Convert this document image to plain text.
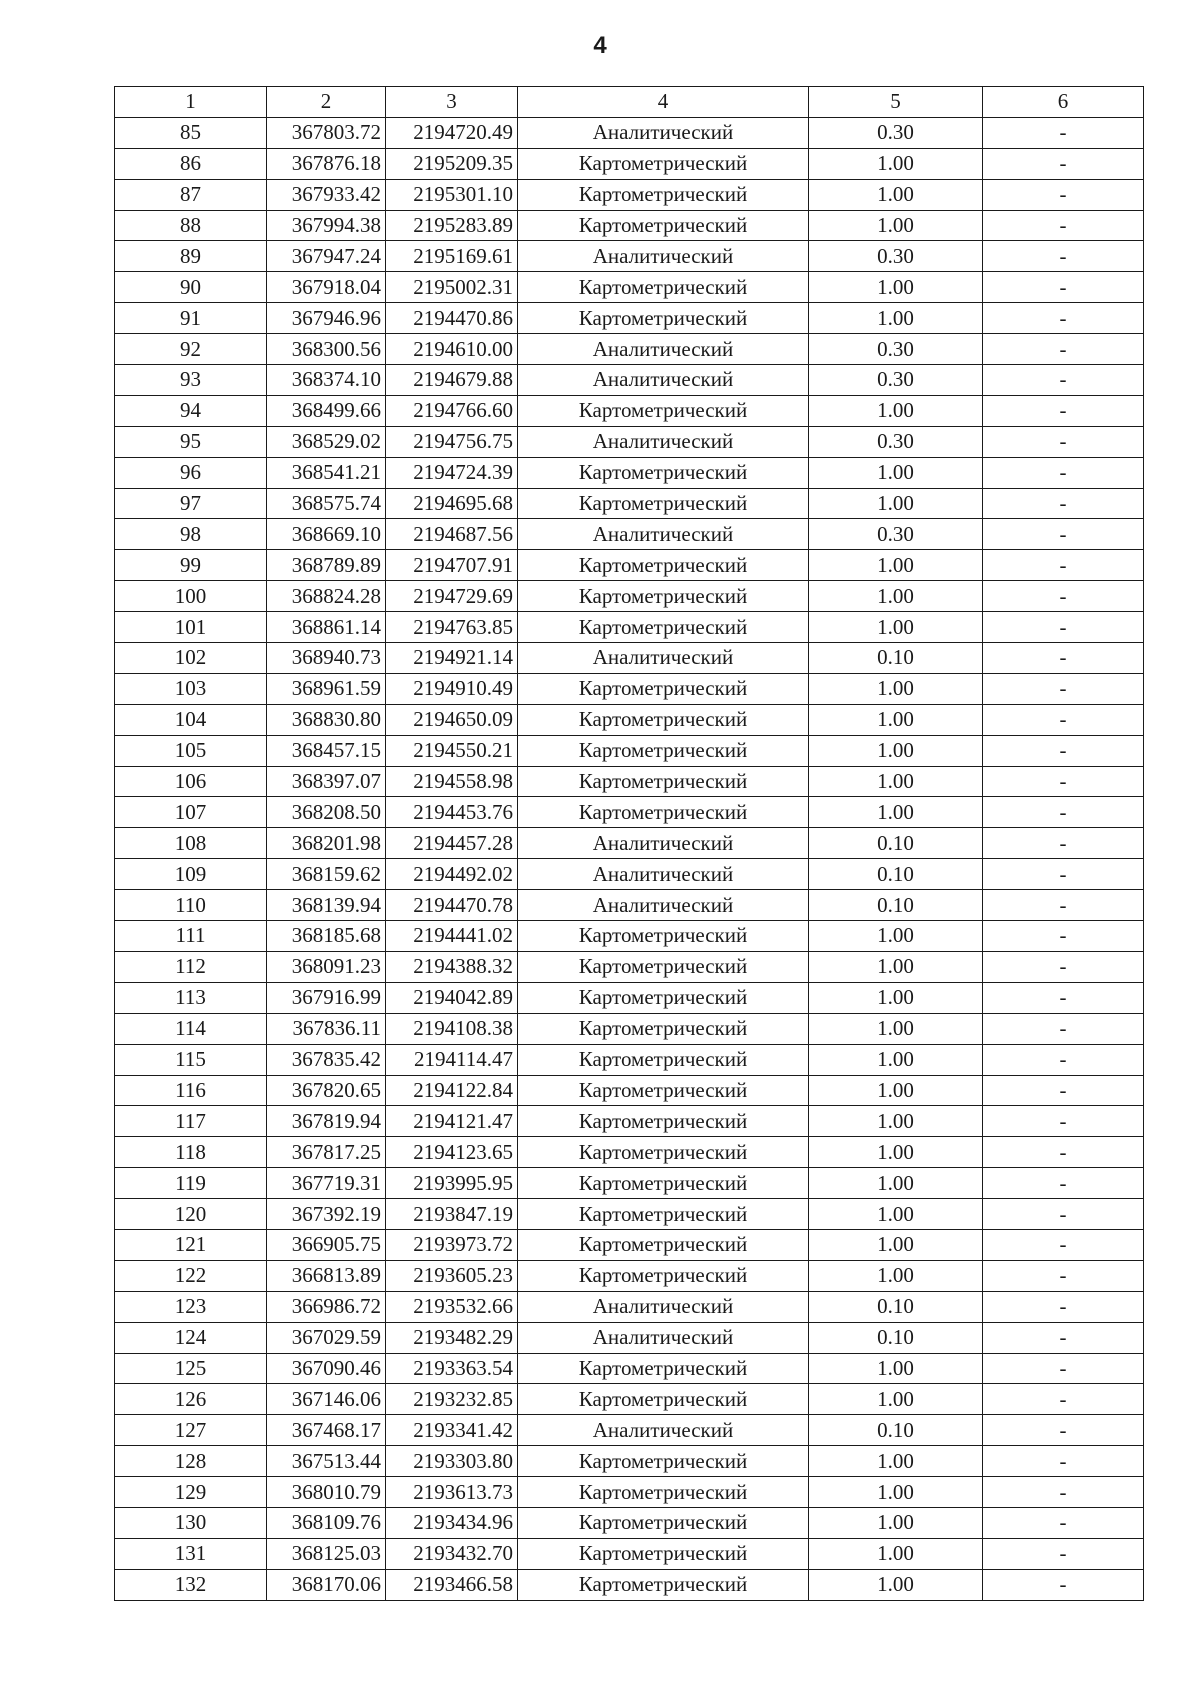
4
1	2	3	4	5	6
85	367803.72	2194720.49	Аналитический	0.30	-
86	367876.18	2195209.35	Картометрический	1.00	-
87	367933.42	2195301.10	Картометрический	1.00	-
88	367994.38	2195283.89	Картометрический	1.00	-
89	367947.24	2195169.61	Аналитический	0.30	-
90	367918.04	2195002.31	Картометрический	1.00	-
91	367946.96	2194470.86	Картометрический	1.00	-
92	368300.56	2194610.00	Аналитический	0.30	-
93	368374.10	2194679.88	Аналитический	0.30	-
94	368499.66	2194766.60	Картометрический	1.00	-
95	368529.02	2194756.75	Аналитический	0.30	-
96	368541.21	2194724.39	Картометрический	1.00	-
97	368575.74	2194695.68	Картометрический	1.00	-
98	368669.10	2194687.56	Аналитический	0.30	-
99	368789.89	2194707.91	Картометрический	1.00	-
100	368824.28	2194729.69	Картометрический	1.00	-
101	368861.14	2194763.85	Картометрический	1.00	-
102	368940.73	2194921.14	Аналитический	0.10	-
103	368961.59	2194910.49	Картометрический	1.00	-
104	368830.80	2194650.09	Картометрический	1.00	-
105	368457.15	2194550.21	Картометрический	1.00	-
106	368397.07	2194558.98	Картометрический	1.00	-
107	368208.50	2194453.76	Картометрический	1.00	-
108	368201.98	2194457.28	Аналитический	0.10	-
109	368159.62	2194492.02	Аналитический	0.10	-
110	368139.94	2194470.78	Аналитический	0.10	-
111	368185.68	2194441.02	Картометрический	1.00	-
112	368091.23	2194388.32	Картометрический	1.00	-
113	367916.99	2194042.89	Картометрический	1.00	-
114	367836.11	2194108.38	Картометрический	1.00	-
115	367835.42	2194114.47	Картометрический	1.00	-
116	367820.65	2194122.84	Картометрический	1.00	-
117	367819.94	2194121.47	Картометрический	1.00	-
118	367817.25	2194123.65	Картометрический	1.00	-
119	367719.31	2193995.95	Картометрический	1.00	-
120	367392.19	2193847.19	Картометрический	1.00	-
121	366905.75	2193973.72	Картометрический	1.00	-
122	366813.89	2193605.23	Картометрический	1.00	-
123	366986.72	2193532.66	Аналитический	0.10	-
124	367029.59	2193482.29	Аналитический	0.10	-
125	367090.46	2193363.54	Картометрический	1.00	-
126	367146.06	2193232.85	Картометрический	1.00	-
127	367468.17	2193341.42	Аналитический	0.10	-
128	367513.44	2193303.80	Картометрический	1.00	-
129	368010.79	2193613.73	Картометрический	1.00	-
130	368109.76	2193434.96	Картометрический	1.00	-
131	368125.03	2193432.70	Картометрический	1.00	-
132	368170.06	2193466.58	Картометрический	1.00	-
